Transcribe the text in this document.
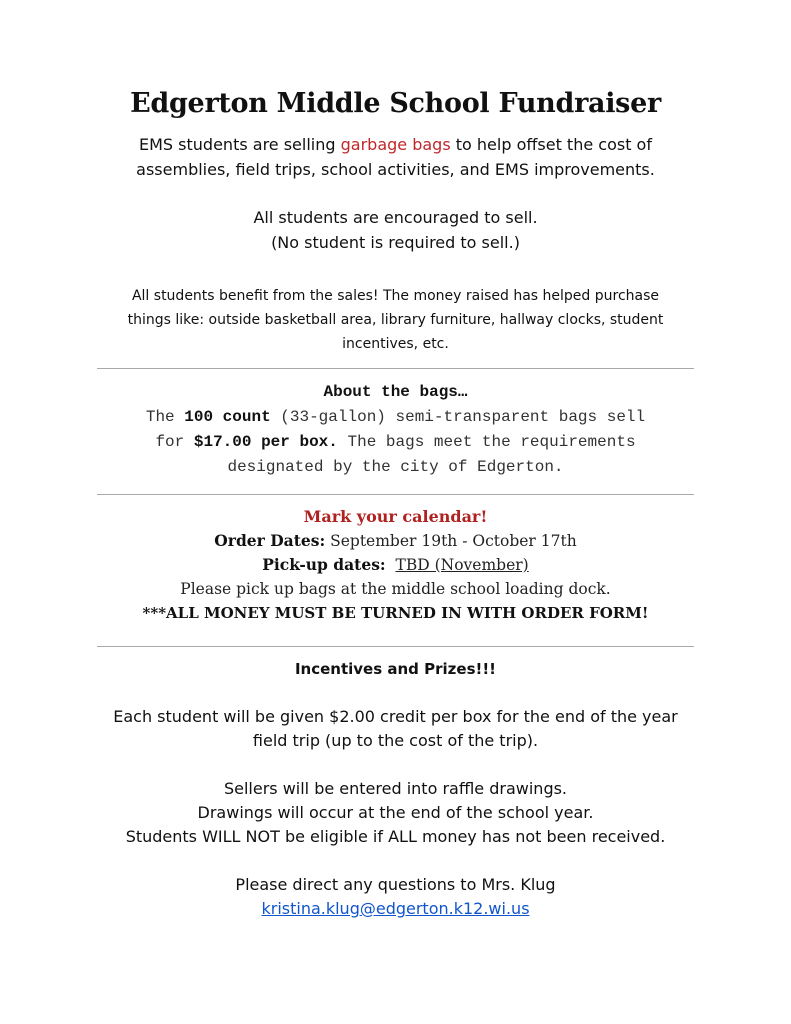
Edgerton Middle School Fundraiser
EMS students are selling garbage bags to help offset the cost of
assemblies, field trips, school activities, and EMS improvements.
All students are encouraged to sell.
(No student is required to sell.)
All students benefit from the sales! The money raised has helped purchase
things like: outside basketball area, library furniture, hallway clocks, student
incentives, etc.
About the bags…
The 100 count (33-gallon) semi-transparent bags sell
for $17.00 per box. The bags meet the requirements
designated by the city of Edgerton.
Mark your calendar!
Order Dates: September 19th - October 17th
Pick-up dates: TBD (November)
Please pick up bags at the middle school loading dock.
***ALL MONEY MUST BE TURNED IN WITH ORDER FORM!
Incentives and Prizes!!!
Each student will be given $2.00 credit per box for the end of the year
field trip (up to the cost of the trip).
Sellers will be entered into raffle drawings.
Drawings will occur at the end of the school year.
Students WILL NOT be eligible if ALL money has not been received.
Please direct any questions to Mrs. Klug
kristina.klug@edgerton.k12.wi.us
